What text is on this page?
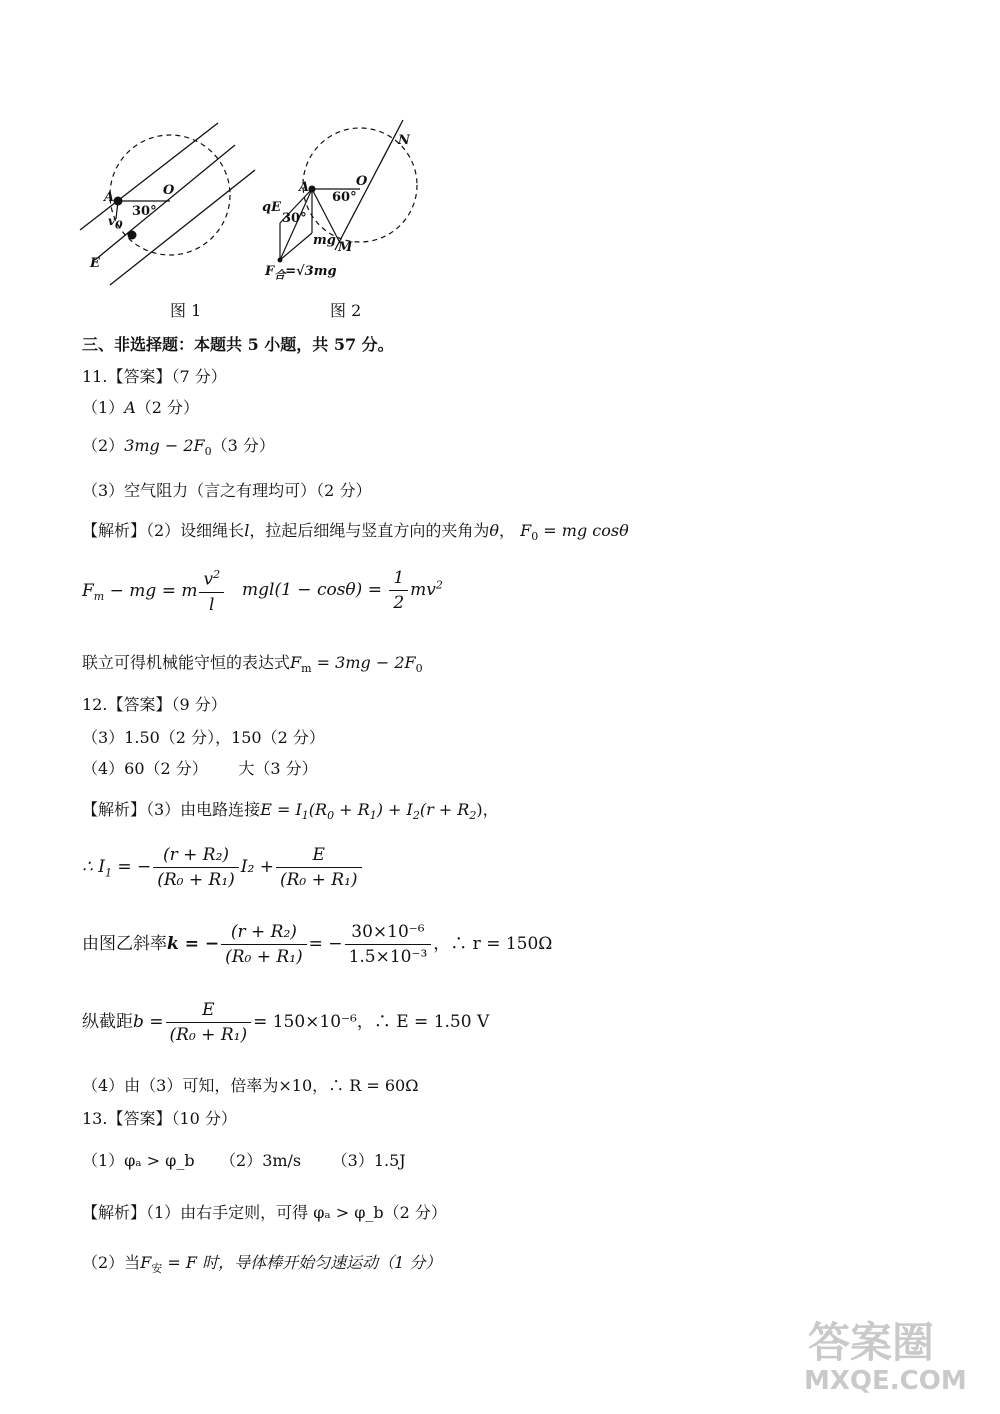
A	O
30°
$v_0$
E
图 1
N
A	O
60°
qE
30°
mg M
$F_合=√3mg$
图 2
三、非选择题：本题共 5 小题，共 57 分。
11.【答案】（7 分）
（1）A（2 分）
$(2)3mg - 2F_0(3$ 分）
（3）空气阻力（言之有理均可）（2 分）
【解析】（2）设细绳长l，拉起后细绳与竖直方向的夹角为θ， $F_0$ = mg cosθ
$F_m$ − mg = m $\frac{v^2}{l} mgl(1 - \cos\theta) = \frac{1}{2} mv^2$
联立可得机械能守恒的表达式$F_m = 3mg - 2F_0$
12.【答案】（9 分）
（3）1.50（2 分），150（2 分）
（4）60（2 分）      大（3 分）
【解析】（3）由电路连接$E = I_1(R_0 + R_1) + I_2(r + R_2)$，
∴ $I_1$ = − $\frac{\text{(r + R₂)}}{\text{(R₀ + R₁)}} I_2 + \frac{E}{\text{(R₀ + R₁)}}$
由图乙斜率k = − $\frac{\text{(r + R₂)}}{\text{(R₀ + R₁)}}$ = − $\frac{\text{30×10⁻⁶}}{\text{1.5×10⁻³}}$ ，∴ r = 150Ω
纵截距$b = \frac{E}{\text{(R₀ + R₁)}} = 150\times 10^{-6}$，∴ E = 1.50 V
（4）由（3）可知，倍率为×10，∴ R = 60Ω
13.【答案】（10 分）
（1）φₐ > φ_b     （2）3m/s      （3）1.5J
【解析】（1）由右手定则，可得 φₐ > φ_b（2 分）
（2）当$F_安 = F$ 时，导体棒开始匀速运动（1 分）
答案圈
MXQE.COM
